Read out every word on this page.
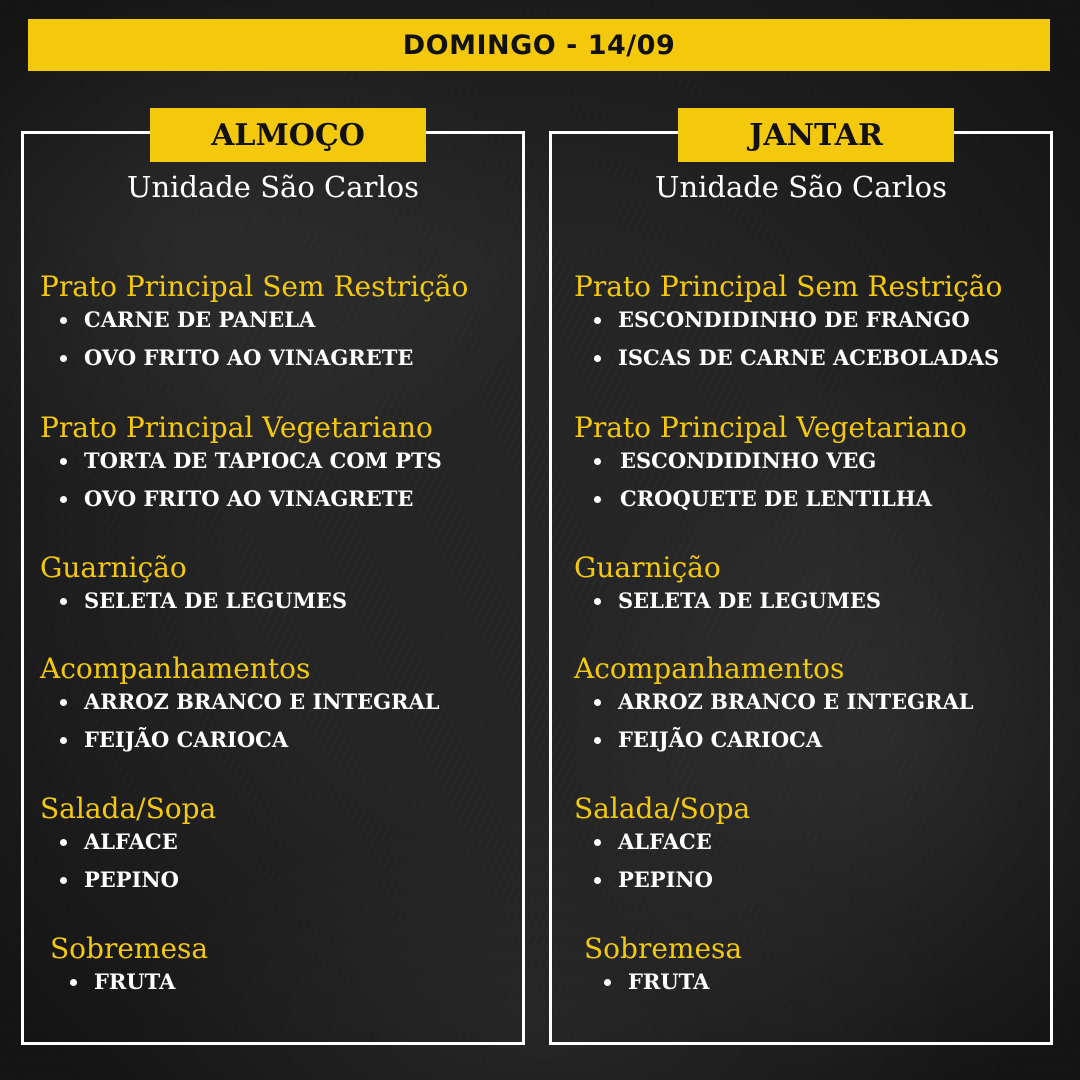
DOMINGO - 14/09
ALMOÇO
Unidade São Carlos
Prato Principal Sem Restrição
CARNE DE PANELA
OVO FRITO AO VINAGRETE
Prato Principal Vegetariano
TORTA DE TAPIOCA COM PTS
OVO FRITO AO VINAGRETE
Guarnição
SELETA DE LEGUMES
Acompanhamentos
ARROZ BRANCO E INTEGRAL
FEIJÃO CARIOCA
Salada/Sopa
ALFACE
PEPINO
Sobremesa
FRUTA
JANTAR
Unidade São Carlos
Prato Principal Sem Restrição
ESCONDIDINHO DE FRANGO
ISCAS DE CARNE ACEBOLADAS
Prato Principal Vegetariano
ESCONDIDINHO VEG
CROQUETE DE LENTILHA
Guarnição
SELETA DE LEGUMES
Acompanhamentos
ARROZ BRANCO E INTEGRAL
FEIJÃO CARIOCA
Salada/Sopa
ALFACE
PEPINO
Sobremesa
FRUTA
